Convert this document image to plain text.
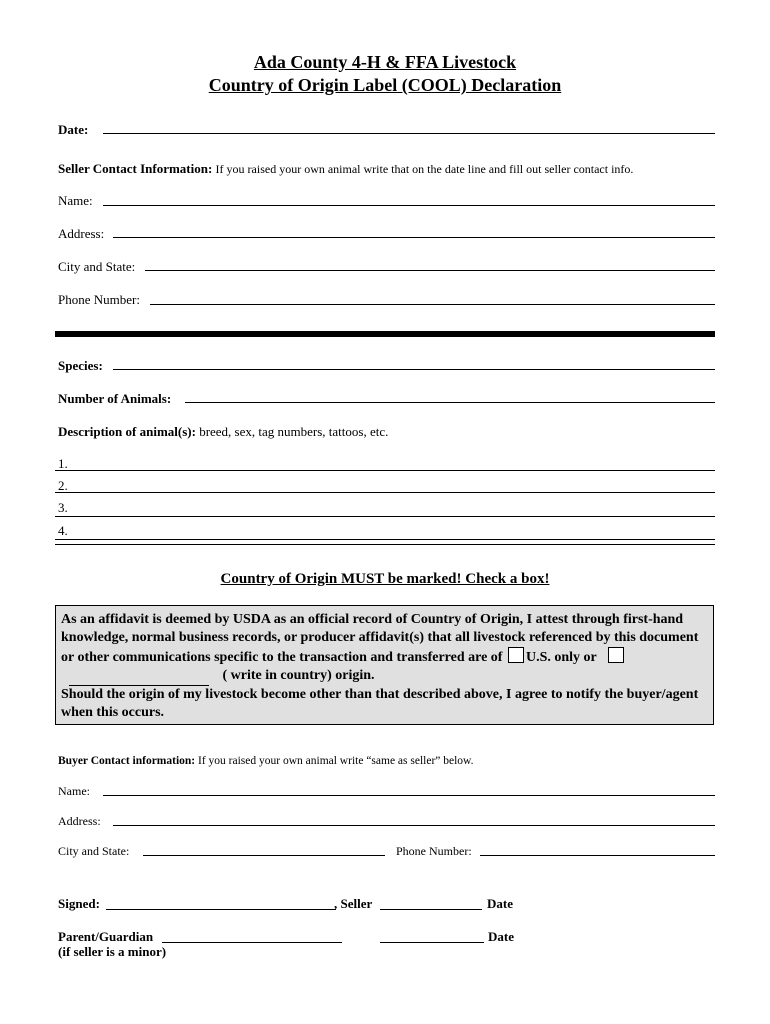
Ada County 4-H & FFA Livestock
Country of Origin Label (COOL) Declaration
Date:
Seller Contact Information: If you raised your own animal write that on the date line and fill out seller contact info.
Name:
Address:
City and State:
Phone Number:
Species:
Number of Animals:
Description of animal(s): breed, sex, tag numbers, tattoos, etc.
1.
2.
3.
4.
Country of Origin MUST be marked! Check a box!
As an affidavit is deemed by USDA as an official record of Country of Origin, I attest through first-hand knowledge, normal business records, or producer affidavit(s) that all livestock referenced by this document or other communications specific to the transaction and transferred are of U.S. only or    ( write in country) origin.
Should the origin of my livestock become other than that described above, I agree to notify the buyer/agent when this occurs.
Buyer Contact information: If you raised your own animal write “same as seller” below.
Name:
Address:
City and State:	Phone Number:
Signed:	, Seller	Date
Parent/Guardian	Date
(if seller is a minor)
